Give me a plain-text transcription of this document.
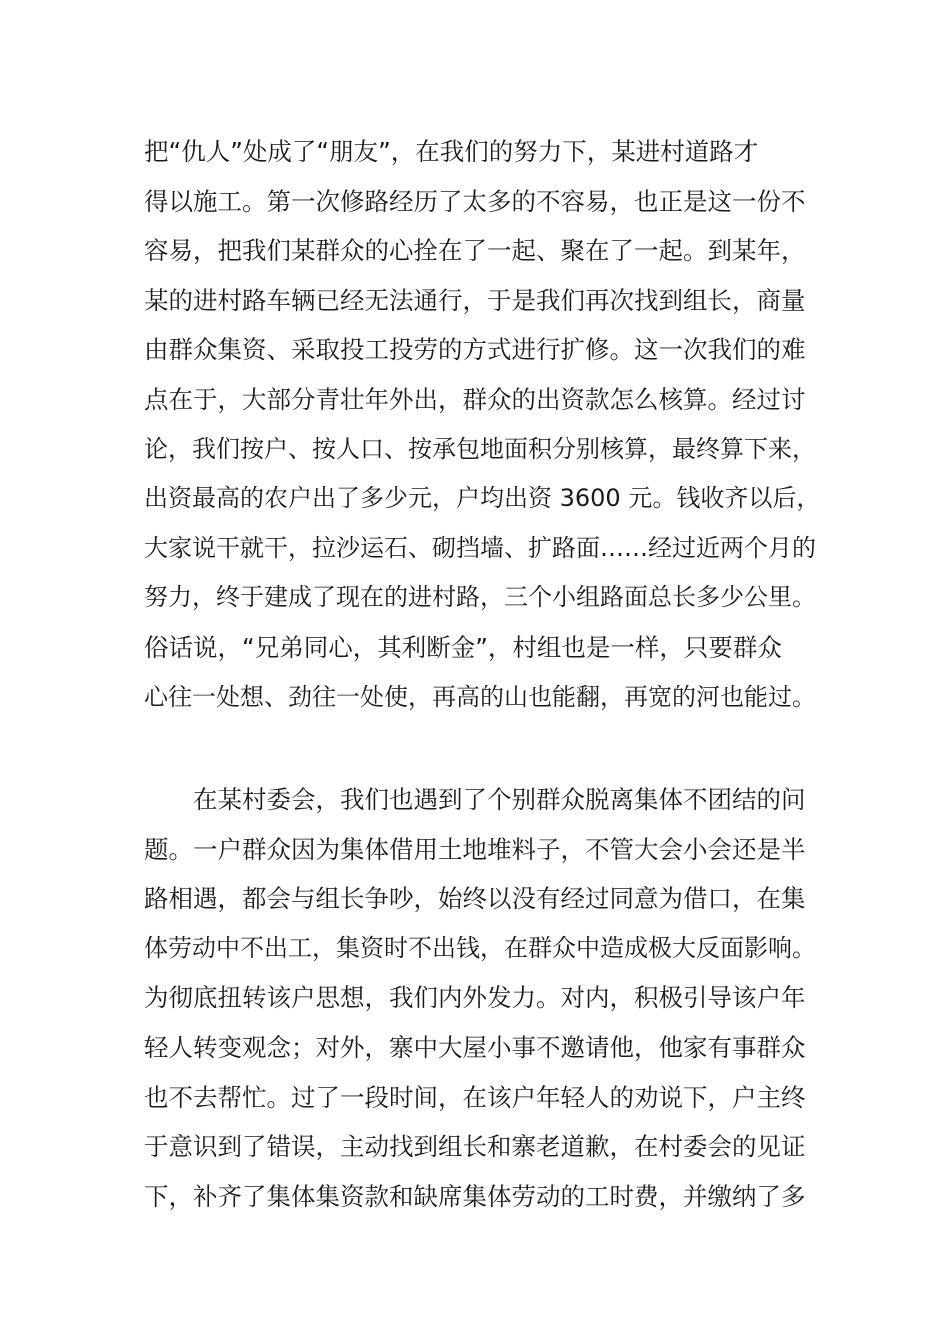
把“仇人”处成了“朋友”，在我们的努力下，某进村道路才
得以施工。第一次修路经历了太多的不容易，也正是这一份不
容易，把我们某群众的心拴在了一起、聚在了一起。到某年，
某的进村路车辆已经无法通行，于是我们再次找到组长，商量
由群众集资、采取投工投劳的方式进行扩修。这一次我们的难
点在于，大部分青壮年外出，群众的出资款怎么核算。经过讨
论，我们按户、按人口、按承包地面积分别核算，最终算下来，
出资最高的农户出了多少元，户均出资 3600 元。钱收齐以后，
大家说干就干，拉沙运石、砌挡墙、扩路面……经过近两个月的
努力，终于建成了现在的进村路，三个小组路面总长多少公里。
俗话说，“兄弟同心，其利断金”，村组也是一样，只要群众
心往一处想、劲往一处使，再高的山也能翻，再宽的河也能过。
　　在某村委会，我们也遇到了个别群众脱离集体不团结的问
题。一户群众因为集体借用土地堆料子，不管大会小会还是半
路相遇，都会与组长争吵，始终以没有经过同意为借口，在集
体劳动中不出工，集资时不出钱，在群众中造成极大反面影响。
为彻底扭转该户思想，我们内外发力。对内，积极引导该户年
轻人转变观念；对外，寨中大屋小事不邀请他，他家有事群众
也不去帮忙。过了一段时间，在该户年轻人的劝说下，户主终
于意识到了错误，主动找到组长和寨老道歉，在村委会的见证
下，补齐了集体集资款和缺席集体劳动的工时费，并缴纳了多
